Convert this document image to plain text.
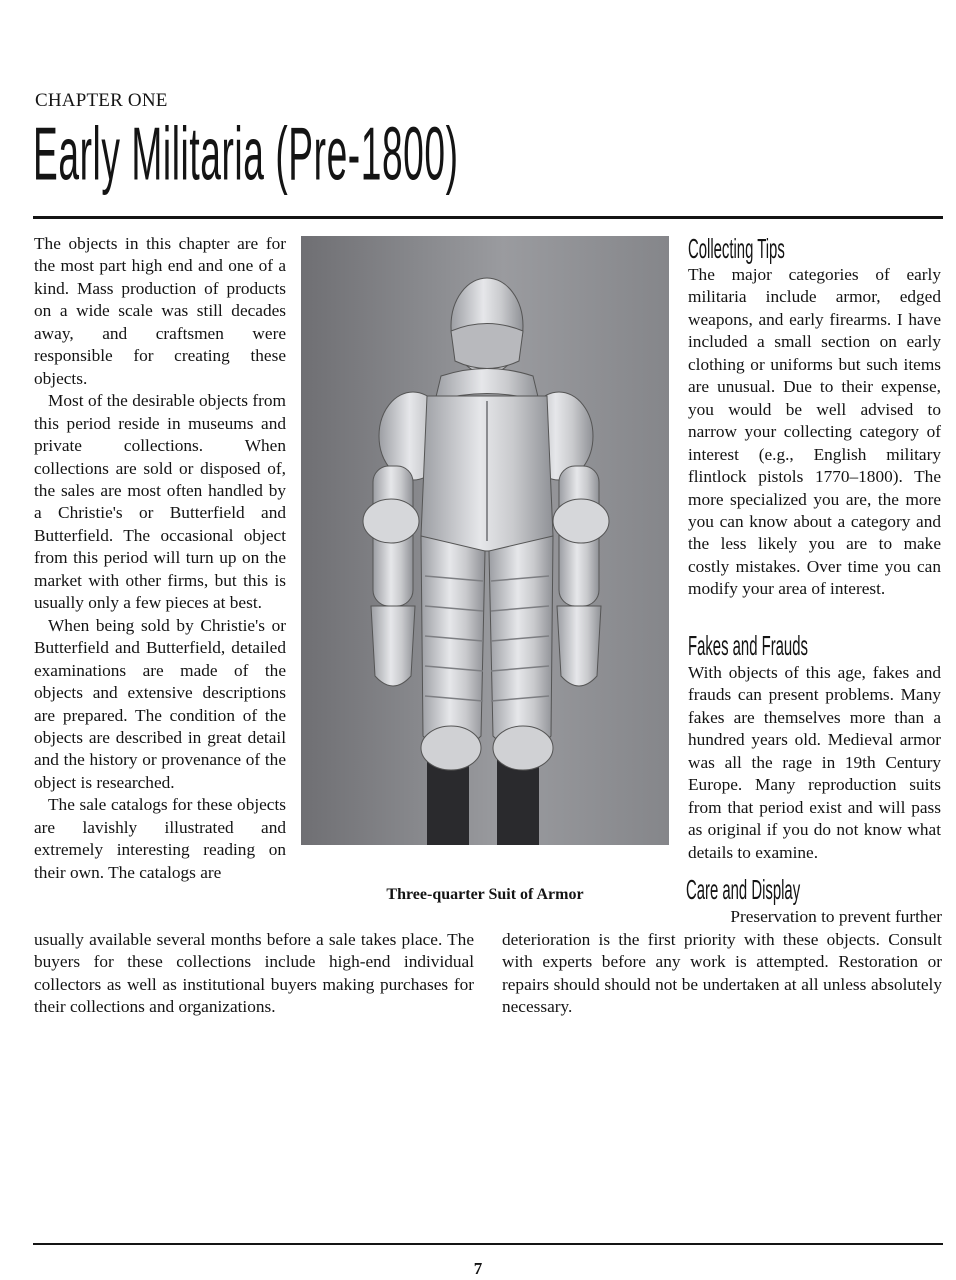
CHAPTER ONE
Early Militaria (Pre-1800)

The objects in this chapter are for the most part high end and one of a kind. Mass production of products on a wide scale was still decades away, and craftsmen were responsible for creating these objects.

Most of the desirable objects from this period reside in museums and private collections. When collections are sold or disposed of, the sales are most often handled by a Christie's or Butterfield and Butterfield. The occasional object from this period will turn up on the market with other firms, but this is usually only a few pieces at best.

When being sold by Christie's or Butterfield and Butterfield, detailed examinations are made of the objects and extensive descriptions are prepared. The condition of the objects are described in great detail and the history or provenance of the object is researched.

The sale catalogs for these objects are lavishly illustrated and extremely interesting reading on their own. The catalogs are

Three-quarter Suit of Armor
Collecting Tips

The major categories of early militaria include armor, edged weapons, and early firearms. I have included a small section on early clothing or uniforms but such items are unusual. Due to their expense, you would be well advised to narrow your collecting category of interest (e.g., English military flintlock pistols 1770–1800). The more specialized you are, the more you can know about a category and the less likely you are to make costly mistakes. Over time you can modify your area of interest.

Fakes and Frauds

With objects of this age, fakes and frauds can present problems. Many fakes are themselves more than a hundred years old. Medieval armor was all the rage in 19th Century Europe. Many reproduction suits from that period exist and will pass as original if you do not know what details to examine.

Care and Display
Preservation to prevent further

usually available several months before a sale takes place. The buyers for these collections include high-end individual collectors as well as institutional buyers making purchases for their collections and organizations.

deterioration is the first priority with these objects. Consult with experts before any work is attempted. Restoration or repairs should should not be undertaken at all unless absolutely necessary.

7
